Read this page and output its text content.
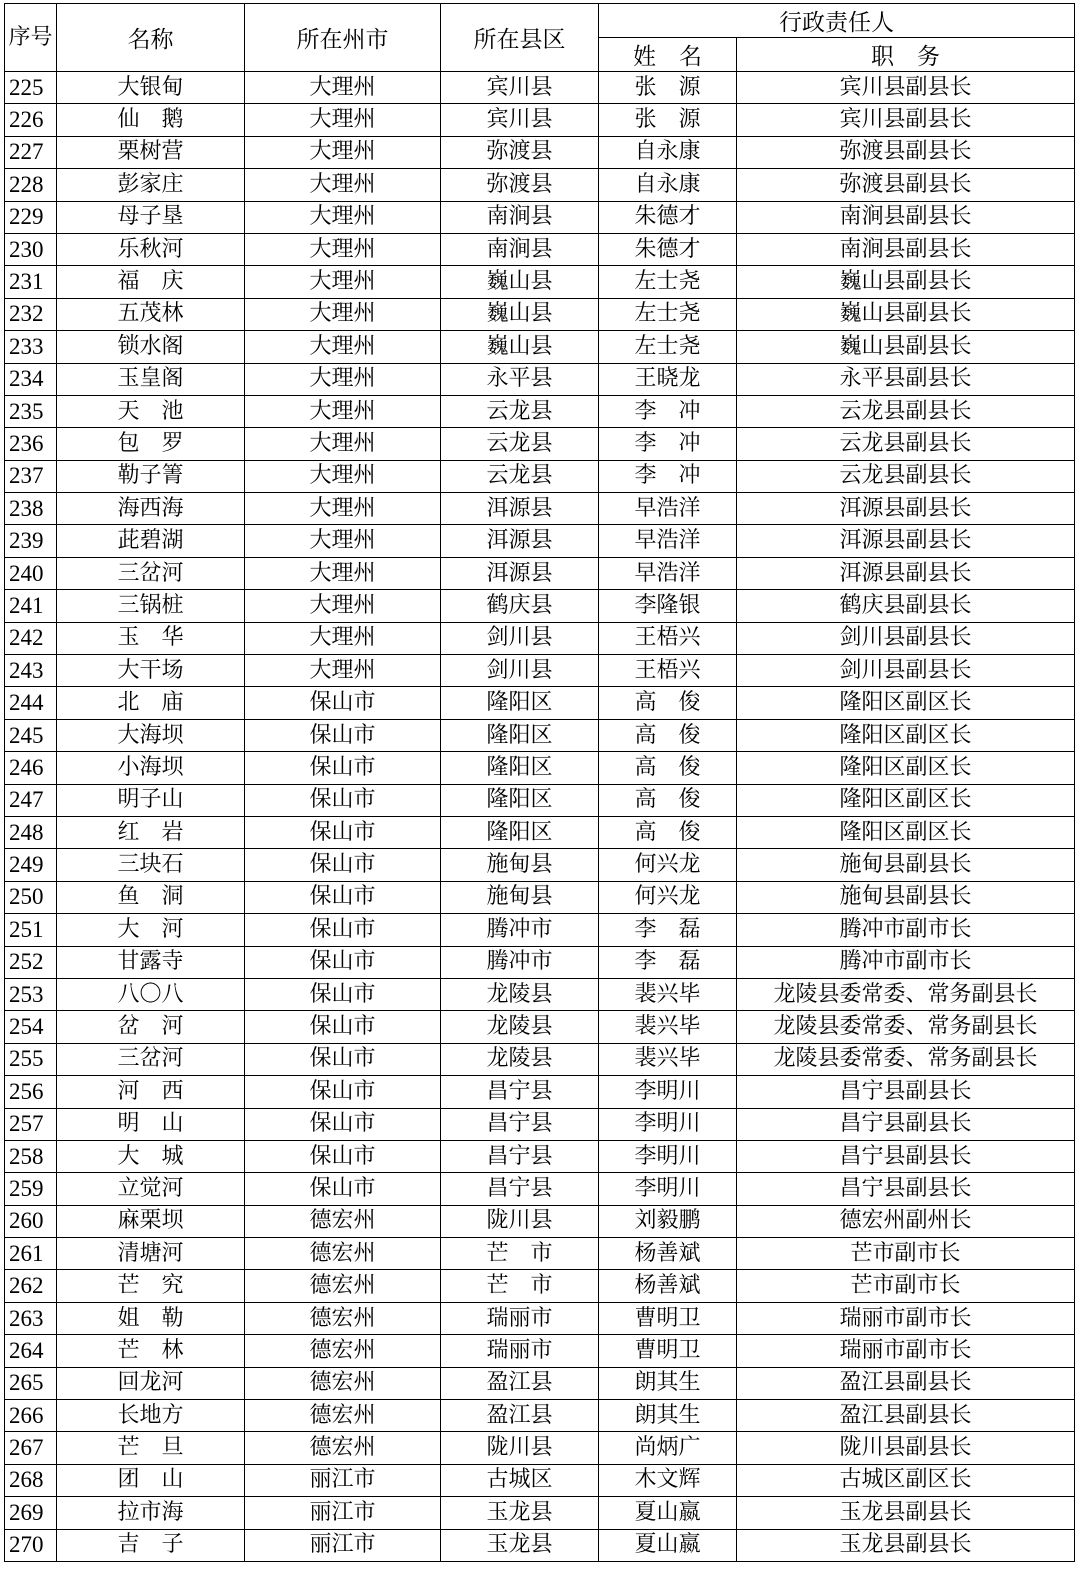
序号	名称	所在州市	所在县区	行政责任人	
				姓　名	职　务
225	大银甸	大理州	宾川县	张　源	宾川县副县长
226	仙　鹅	大理州	宾川县	张　源	宾川县副县长
227	栗树营	大理州	弥渡县	自永康	弥渡县副县长
228	彭家庄	大理州	弥渡县	自永康	弥渡县副县长
229	母子垦	大理州	南涧县	朱德才	南涧县副县长
230	乐秋河	大理州	南涧县	朱德才	南涧县副县长
231	福　庆	大理州	巍山县	左士尧	巍山县副县长
232	五茂林	大理州	巍山县	左士尧	巍山县副县长
233	锁水阁	大理州	巍山县	左士尧	巍山县副县长
234	玉皇阁	大理州	永平县	王晓龙	永平县副县长
235	天　池	大理州	云龙县	李　冲	云龙县副县长
236	包　罗	大理州	云龙县	李　冲	云龙县副县长
237	勒子箐	大理州	云龙县	李　冲	云龙县副县长
238	海西海	大理州	洱源县	早浩洋	洱源县副县长
239	茈碧湖	大理州	洱源县	早浩洋	洱源县副县长
240	三岔河	大理州	洱源县	早浩洋	洱源县副县长
241	三锅桩	大理州	鹤庆县	李隆银	鹤庆县副县长
242	玉　华	大理州	剑川县	王梧兴	剑川县副县长
243	大干场	大理州	剑川县	王梧兴	剑川县副县长
244	北　庙	保山市	隆阳区	高　俊	隆阳区副区长
245	大海坝	保山市	隆阳区	高　俊	隆阳区副区长
246	小海坝	保山市	隆阳区	高　俊	隆阳区副区长
247	明子山	保山市	隆阳区	高　俊	隆阳区副区长
248	红　岩	保山市	隆阳区	高　俊	隆阳区副区长
249	三块石	保山市	施甸县	何兴龙	施甸县副县长
250	鱼　洞	保山市	施甸县	何兴龙	施甸县副县长
251	大　河	保山市	腾冲市	李　磊	腾冲市副市长
252	甘露寺	保山市	腾冲市	李　磊	腾冲市副市长
253	八〇八	保山市	龙陵县	裴兴毕	龙陵县委常委、常务副县长
254	岔　河	保山市	龙陵县	裴兴毕	龙陵县委常委、常务副县长
255	三岔河	保山市	龙陵县	裴兴毕	龙陵县委常委、常务副县长
256	河　西	保山市	昌宁县	李明川	昌宁县副县长
257	明　山	保山市	昌宁县	李明川	昌宁县副县长
258	大　城	保山市	昌宁县	李明川	昌宁县副县长
259	立觉河	保山市	昌宁县	李明川	昌宁县副县长
260	麻栗坝	德宏州	陇川县	刘毅鹏	德宏州副州长
261	清塘河	德宏州	芒　市	杨善斌	芒市副市长
262	芒　究	德宏州	芒　市	杨善斌	芒市副市长
263	姐　勒	德宏州	瑞丽市	曹明卫	瑞丽市副市长
264	芒　林	德宏州	瑞丽市	曹明卫	瑞丽市副市长
265	回龙河	德宏州	盈江县	朗其生	盈江县副县长
266	长地方	德宏州	盈江县	朗其生	盈江县副县长
267	芒　旦	德宏州	陇川县	尚炳广	陇川县副县长
268	团　山	丽江市	古城区	木文辉	古城区副区长
269	拉市海	丽江市	玉龙县	夏山嬴	玉龙县副县长
270	吉　子	丽江市	玉龙县	夏山嬴	玉龙县副县长
